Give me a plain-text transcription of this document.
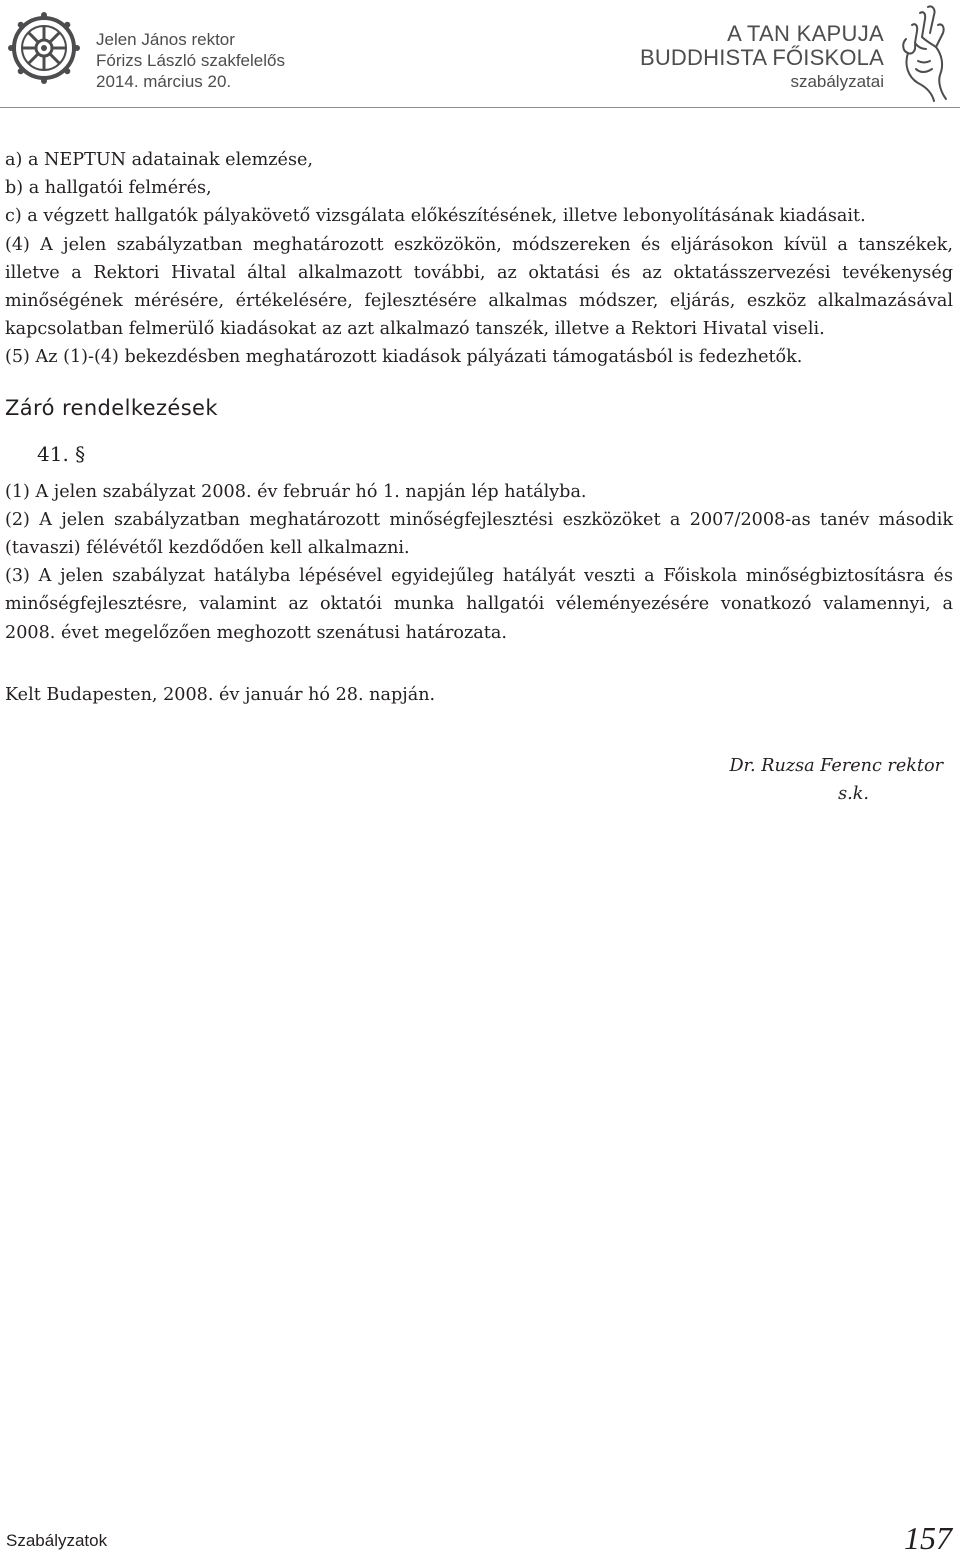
Jelen János rektor
Fórizs László szakfelelős
2014. március 20.
A TAN KAPUJA
BUDDHISTA FŐISKOLA
szabályzatai

a) a NEPTUN adatainak elemzése,

b) a hallgatói felmérés,

c) a végzett hallgatók pályakövető vizsgálata előkészítésének, illetve lebonyolításának kiadásait.

(4) A jelen szabályzatban meghatározott eszközökön, módszereken és eljárásokon kívül a tanszékek, illetve a Rektori Hivatal által alkalmazott további, az oktatási és az oktatásszervezési tevékenység minőségének mérésére, értékelésére, fejlesztésére alkalmas módszer, eljárás, eszköz alkalmazásával kapcsolatban felmerülő kiadásokat az azt alkalmazó tanszék, illetve a Rektori Hivatal viseli.

(5) Az (1)-(4) bekezdésben meghatározott kiadások pályázati támogatásból is fedezhetők.

Záró rendelkezések
41. §

(1) A jelen szabályzat 2008. év február hó 1. napján lép hatályba.

(2) A jelen szabályzatban meghatározott minőségfejlesztési eszközöket a 2007/2008-as tanév második (tavaszi) félévétől kezdődően kell alkalmazni.

(3) A jelen szabályzat hatályba lépésével egyidejűleg hatályát veszti a Főiskola minőségbiztosításra és minőségfejlesztésre, valamint az oktatói munka hallgatói véleményezésére vonatkozó valamennyi, a 2008. évet megelőzően meghozott szenátusi határozata.

Kelt Budapesten, 2008. év január hó 28. napján.

Dr. Ruzsa Ferenc rektor
s.k.
Szabályzatok	157
